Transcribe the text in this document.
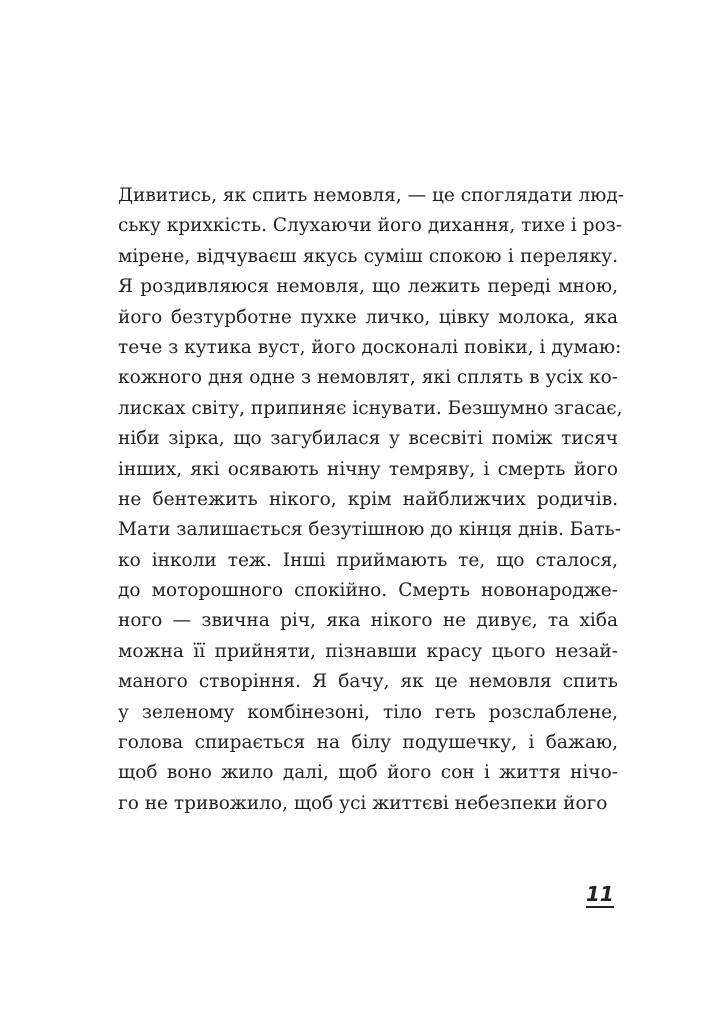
Дивитись, як спить немовля, — це споглядати люд-
ську крихкість. Слухаючи його дихання, тихе і роз-
мірене, відчуваєш якусь суміш спокою і переляку.
Я роздивляюся немовля, що лежить переді мною,
його безтурботне пухке личко, цівку молока, яка
тече з кутика вуст, його досконалі повіки, і думаю:
кожного дня одне з немовлят, які сплять в усіх ко-
лисках світу, припиняє існувати. Безшумно згасає,
ніби зірка, що загубилася у всесвіті поміж тисяч
інших, які осявають нічну темряву, і смерть його
не бентежить нікого, крім найближчих родичів.
Мати залишається безутішною до кінця днів. Бать-
ко інколи теж. Інші приймають те, що сталося,
до моторошного спокійно. Смерть новонароджe-
ного — звична річ, яка нікого не дивує, та хіба
можна її прийняти, пізнавши красу цього незай-
маного створіння. Я бачу, як це немовля спить
у зеленому комбінезоні, тіло геть розслаблене,
голова спирається на білу подушечку, і бажаю,
щоб воно жило далі, щоб його сон і життя нічо-
го не тривожило, щоб усі життєві небезпеки його
11
